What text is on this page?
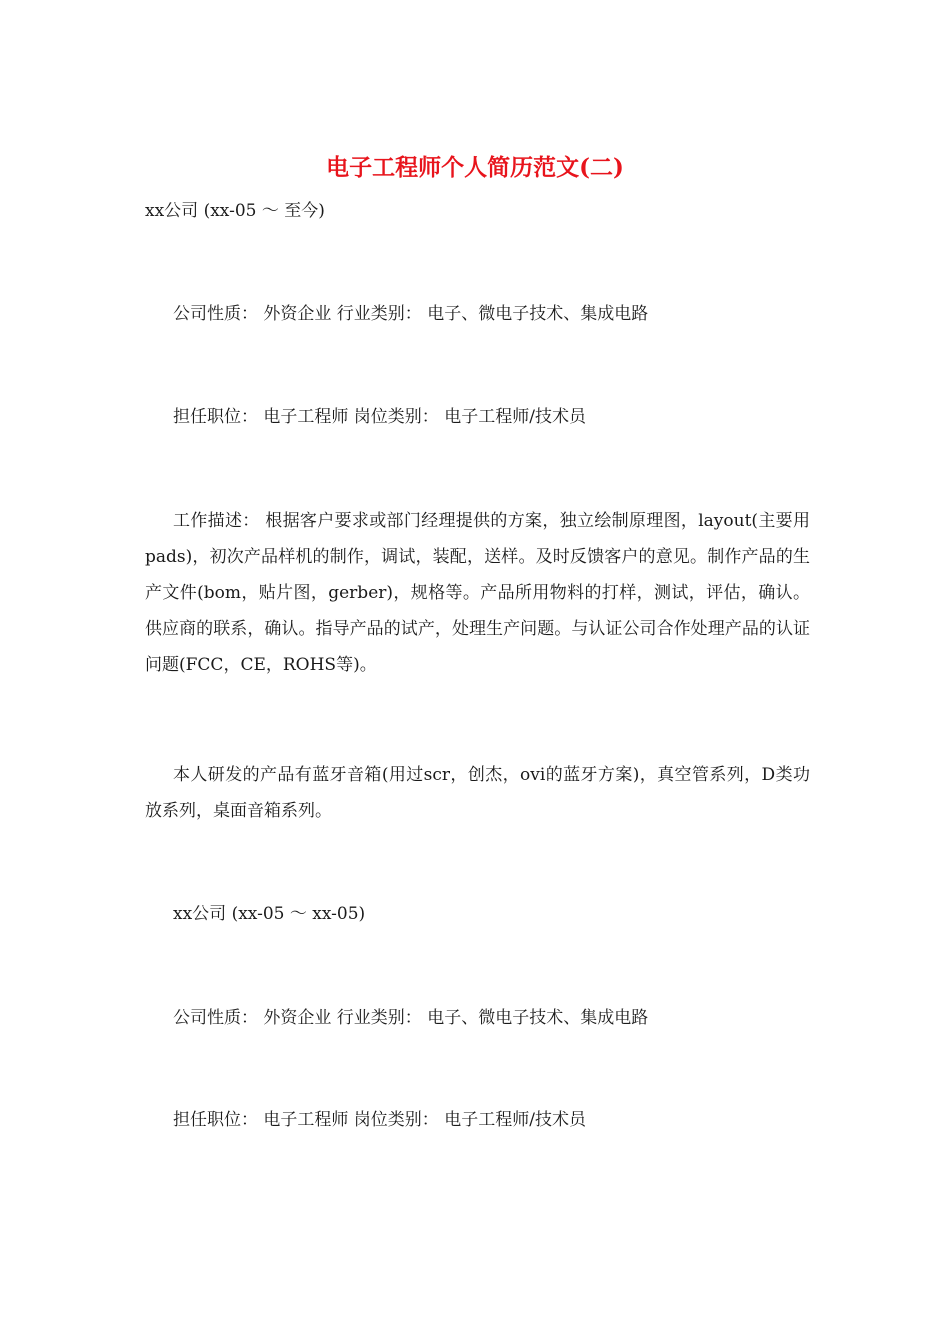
电子工程师个人简历范文(二)

xx公司 (xx-05 ～ 至今)

公司性质： 外资企业 行业类别： 电子、微电子技术、集成电路

担任职位： 电子工程师 岗位类别： 电子工程师/技术员

工作描述： 根据客户要求或部门经理提供的方案，独立绘制原理图，layout(主要用pads)，初次产品样机的制作，调试，装配，送样。及时反馈客户的意见。制作产品的生产文件(bom，贴片图，gerber)，规格等。产品所用物料的打样，测试，评估，确认。供应商的联系，确认。指导产品的试产，处理生产问题。与认证公司合作处理产品的认证问题(FCC，CE，ROHS等)。

本人研发的产品有蓝牙音箱(用过scr，创杰，ovi的蓝牙方案)，真空管系列，D类功放系列，桌面音箱系列。

xx公司 (xx-05 ～ xx-05)

公司性质： 外资企业 行业类别： 电子、微电子技术、集成电路

担任职位： 电子工程师 岗位类别： 电子工程师/技术员
